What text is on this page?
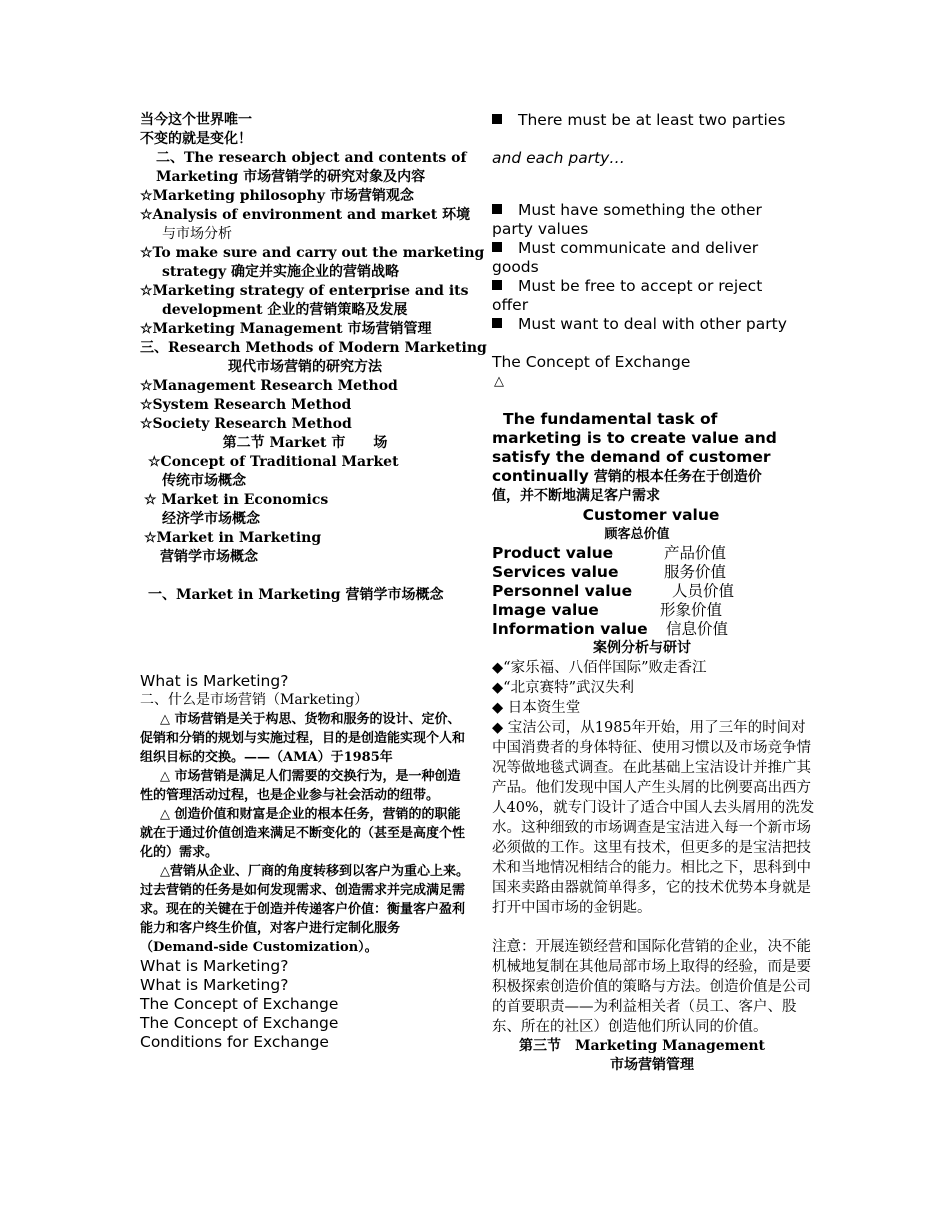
当今这个世界唯一
不变的就是变化！
二、The research object and contents of
Marketing 市场营销学的研究对象及内容
☆Marketing philosophy 市场营销观念
☆Analysis of environment and market 环境
与市场分析
☆To make sure and carry out the marketing
strategy 确定并实施企业的营销战略
☆Marketing strategy of enterprise and its
development 企业的营销策略及发展
☆Marketing Management 市场营销管理
三、Research Methods of Modern Marketing
现代市场营销的研究方法
☆Management Research Method
☆System Research Method
☆Society Research Method
第二节 Market 市　　场
☆Concept of Traditional Market
传统市场概念
☆ Market in Economics
经济学市场概念
☆Market in Marketing
营销学市场概念
一、Market in Marketing 营销学市场概念
What is Marketing?
二、什么是市场营销（Marketing）
△ 市场营销是关于构思、货物和服务的设计、定价、促销和分销的规划与实施过程，目的是创造能实现个人和组织目标的交换。——（AMA）于1985年
△ 市场营销是满足人们需要的交换行为，是一种创造性的管理活动过程，也是企业参与社会活动的纽带。
△ 创造价值和财富是企业的根本任务，营销的的职能就在于通过价值创造来满足不断变化的（甚至是高度个性化的）需求。
△营销从企业、厂商的角度转移到以客户为重心上来。过去营销的任务是如何发现需求、创造需求并完成满足需求。现在的关键在于创造并传递客户价值：衡量客户盈利能力和客户终生价值，对客户进行定制化服务（Demand-side Customization）。
What is Marketing?
What is Marketing?
The Concept of Exchange
The Concept of Exchange
Conditions for Exchange
There must be at least two parties
and each party…
Must have something the other
party values
Must communicate and deliver
goods
Must be free to accept or reject
offer
Must want to deal with other party
The Concept of Exchange
△
The fundamental task of
marketing is to create value and
satisfy the demand of customer
continually 营销的根本任务在于创造价
值，并不断地满足客户需求
Customer value
顾客总价值
Product value	产品价值
Services value	服务价值
Personnel value	人员价值
Image value	形象价值
Information value	信息价值
案例分析与研讨
◆“家乐福、八佰伴国际”败走香江
◆“北京赛特”武汉失利
◆ 日本资生堂
◆ 宝洁公司，从1985年开始，用了三年的时间对中国消费者的身体特征、使用习惯以及市场竞争情况等做地毯式调查。在此基础上宝洁设计并推广其产品。他们发现中国人产生头屑的比例要高出西方人40%，就专门设计了适合中国人去头屑用的洗发水。这种细致的市场调查是宝洁进入每一个新市场必须做的工作。这里有技术，但更多的是宝洁把技术和当地情况相结合的能力。相比之下，思科到中国来卖路由器就简单得多，它的技术优势本身就是打开中国市场的金钥匙。
注意：开展连锁经营和国际化营销的企业，决不能机械地复制在其他局部市场上取得的经验，而是要积极探索创造价值的策略与方法。创造价值是公司的首要职责——为利益相关者（员工、客户、股东、所在的社区）创造他们所认同的价值。
第三节　Marketing Management
市场营销管理
